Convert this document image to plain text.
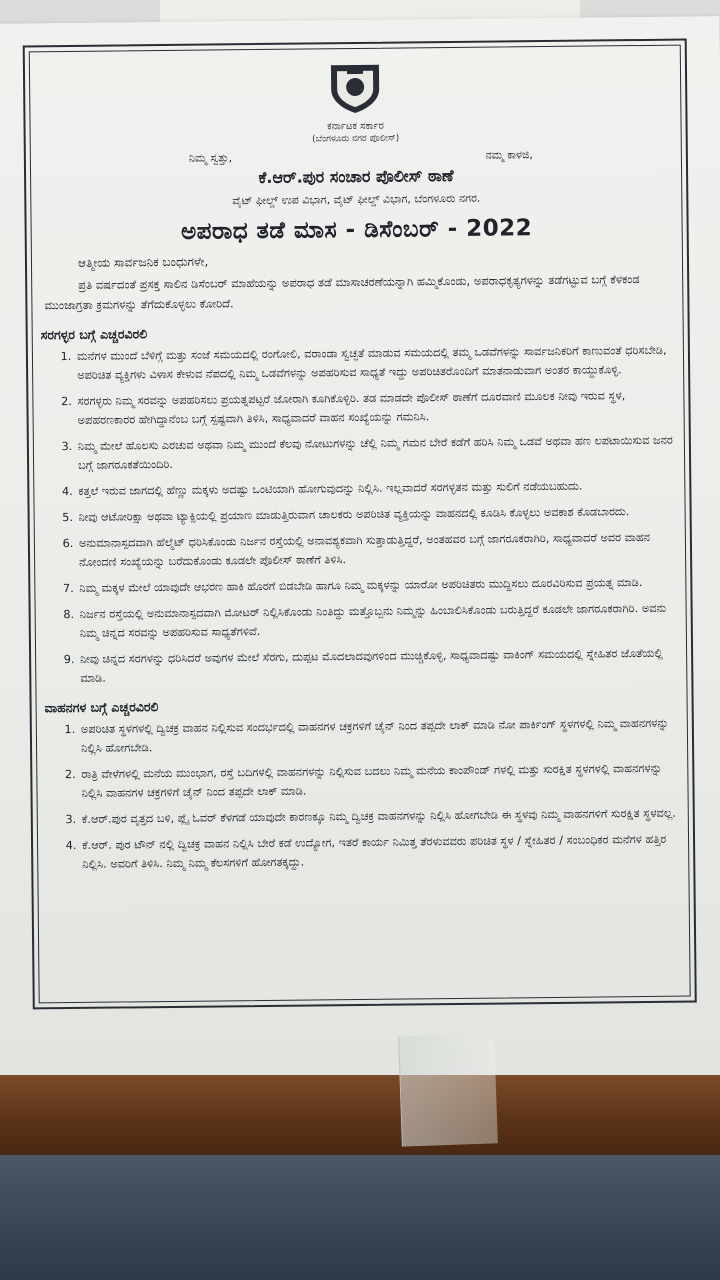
ಕರ್ನಾಟಕ ಸರ್ಕಾರ
(ಬೆಂಗಳೂರು ನಗರ ಪೊಲೀಸ್)
ನಿಮ್ಮ ಸ್ವತ್ತು,	ನಮ್ಮ ಕಾಳಜಿ,
ಕೆ.ಆರ್.ಪುರ ಸಂಚಾರ ಪೊಲೀಸ್ ಠಾಣೆ
ವೈಟ್ ಫೀಲ್ಡ್ ಉಪ ವಿಭಾಗ, ವೈಟ್ ಫೀಲ್ಡ್ ವಿಭಾಗ, ಬೆಂಗಳೂರು ನಗರ.
ಅಪರಾಧ ತಡೆ ಮಾಸ - ಡಿಸೆಂಬರ್ - 2022
ಆತ್ಮೀಯ ಸಾರ್ವಜನಿಕ ಬಂಧುಗಳೇ,
ಪ್ರತಿ ವರ್ಷದಂತೆ ಪ್ರಸಕ್ತ ಸಾಲಿನ ಡಿಸೆಂಬರ್ ಮಾಹೆಯನ್ನು ಅಪರಾಧ ತಡೆ ಮಾಸಾಚರಣೆಯನ್ನಾಗಿ ಹಮ್ಮಿಕೊಂಡು, ಅಪರಾಧಕೃತ್ಯಗಳನ್ನು ತಡೆಗಟ್ಟುವ ಬಗ್ಗೆ ಕೆಳಕಂಡ ಮುಂಜಾಗ್ರತಾ ಕ್ರಮಗಳನ್ನು ತೆಗೆದುಕೊಳ್ಳಲು ಕೋರಿದೆ.
ಸರಗಳ್ಳರ ಬಗ್ಗೆ ಎಚ್ಚರವಿರಲಿ
1. ಮನೆಗಳ ಮುಂದೆ ಬೆಳಿಗ್ಗೆ ಮತ್ತು ಸಂಜೆ ಸಮಯದಲ್ಲಿ ರಂಗೋಲಿ, ವರಾಂಡಾ ಸ್ವಚ್ಛತೆ ಮಾಡುವ ಸಮಯದಲ್ಲಿ ತಮ್ಮ ಒಡವೆಗಳನ್ನು ಸಾರ್ವಜನಿಕರಿಗೆ ಕಾಣುವಂತೆ ಧರಿಸಬೇಡಿ, ಅಪರಿಚಿತ ವ್ಯಕ್ತಿಗಳು ವಿಳಾಸ ಕೇಳುವ ನೆಪದಲ್ಲಿ ನಿಮ್ಮ ಒಡವೆಗಳನ್ನು ಅಪಹರಿಸುವ ಸಾಧ್ಯತೆ ಇದ್ದು ಅಪರಿಚಿತರೊಂದಿಗೆ ಮಾತನಾಡುವಾಗ ಅಂತರ ಕಾಯ್ದುಕೊಳ್ಳಿ.
2. ಸರಗಳ್ಳರು ನಿಮ್ಮ ಸರವನ್ನು ಅಪಹರಿಸಲು ಪ್ರಯತ್ನಪಟ್ಟರೆ ಜೋರಾಗಿ ಕೂಗಿಕೊಳ್ಳಿರಿ. ತಡ ಮಾಡದೇ ಪೊಲೀಸ್ ಠಾಣೆಗೆ ದೂರವಾಣಿ ಮೂಲಕ ನೀವು ಇರುವ ಸ್ಥಳ, ಅಪಹರಣಕಾರರ ಹೇಗಿದ್ದಾನೆಂಬ ಬಗ್ಗೆ ಸ್ಪಷ್ಟವಾಗಿ ತಿಳಿಸಿ, ಸಾಧ್ಯವಾದರೆ ವಾಹನ ಸಂಖ್ಯೆಯನ್ನು ಗಮನಿಸಿ.
3. ನಿಮ್ಮ ಮೇಲೆ ಹೊಲಸು ಎರಚುವ ಅಥವಾ ನಿಮ್ಮ ಮುಂದೆ ಕೆಲವು ನೋಟುಗಳನ್ನು ಚೆಲ್ಲಿ ನಿಮ್ಮ ಗಮನ ಬೇರೆ ಕಡೆಗೆ ಹರಿಸಿ ನಿಮ್ಮ ಒಡವೆ ಅಥವಾ ಹಣ ಲಪಟಾಯಿಸುವ ಜನರ ಬಗ್ಗೆ ಜಾಗರೂಕತೆಯಿಂದಿರಿ.
4. ಕತ್ತಲೆ ಇರುವ ಜಾಗದಲ್ಲಿ ಹೆಣ್ಣು ಮಕ್ಕಳು ಅದಷ್ಟು ಒಂಟಿಯಾಗಿ ಹೋಗುವುದನ್ನು ನಿಲ್ಲಿಸಿ. ಇಲ್ಲವಾದರೆ ಸರಗಳ್ಳತನ ಮತ್ತು ಸುಲಿಗೆ ನಡೆಯಬಹುದು.
5. ನೀವು ಆಟೋರಿಕ್ಷಾ ಅಥವಾ ಟ್ಯಾಕ್ಸಿಯಲ್ಲಿ ಪ್ರಯಾಣ ಮಾಡುತ್ತಿರುವಾಗ ಚಾಲಕರು ಅಪರಿಚಿತ ವ್ಯಕ್ತಿಯನ್ನು ವಾಹನದಲ್ಲಿ ಕೂಡಿಸಿ ಕೊಳ್ಳಲು ಅವಕಾಶ ಕೊಡಬಾರದು.
6. ಅನುಮಾನಾಸ್ಪದವಾಗಿ ಹೆಲ್ಮೆಟ್ ಧರಿಸಿಕೊಂಡು ನಿರ್ಜನ ರಸ್ತೆಯಲ್ಲಿ ಅನಾವಶ್ಯಕವಾಗಿ ಸುತ್ತಾಡುತ್ತಿದ್ದರೆ, ಅಂತಹವರ ಬಗ್ಗೆ ಜಾಗರೂಕರಾಗಿರಿ, ಸಾಧ್ಯವಾದರೆ ಅವರ ವಾಹನ ನೋಂದಣಿ ಸಂಖ್ಯೆಯನ್ನು ಬರೆದುಕೊಂಡು ಕೂಡಲೇ ಪೊಲೀಸ್ ಠಾಣೆಗೆ ತಿಳಿಸಿ.
7. ನಿಮ್ಮ ಮಕ್ಕಳ ಮೇಲೆ ಯಾವುದೇ ಆಭರಣ ಹಾಕಿ ಹೊರಗೆ ಬಿಡಬೇಡಿ ಹಾಗೂ ನಿಮ್ಮ ಮಕ್ಕಳನ್ನು ಯಾರೋ ಅಪರಿಚಿತರು ಮುದ್ದಿಸಲು ದೂರವಿರಿಸುವ ಪ್ರಯತ್ನ ಮಾಡಿ.
8. ನಿರ್ಜನ ರಸ್ತೆಯಲ್ಲಿ ಅನುಮಾನಾಸ್ಪದವಾಗಿ ಮೋಟರ್ ನಿಲ್ಲಿಸಿಕೊಂಡು ನಿಂತಿದ್ದು ಮತ್ತೊಬ್ಬನು ನಿಮ್ಮನ್ನು ಹಿಂಬಾಲಿಸಿಕೊಂಡು ಬರುತ್ತಿದ್ದರೆ ಕೂಡಲೇ ಜಾಗರೂಕರಾಗಿರಿ. ಅವನು ನಿಮ್ಮ ಚಿನ್ನದ ಸರವನ್ನು ಅಪಹರಿಸುವ ಸಾಧ್ಯತೆಗಳಿವೆ.
9. ನೀವು ಚಿನ್ನದ ಸರಗಳನ್ನು ಧರಿಸಿದರೆ ಅವುಗಳ ಮೇಲೆ ಸೆರಗು, ದುಪ್ಪಟ ಮೊದಲಾದವುಗಳಿಂದ ಮುಚ್ಚಿಕೊಳ್ಳಿ, ಸಾಧ್ಯವಾದಷ್ಟು ವಾಕಿಂಗ್ ಸಮಯದಲ್ಲಿ ಸ್ನೇಹಿತರ ಜೊತೆಯಲ್ಲಿ ಮಾಡಿ.
ವಾಹನಗಳ ಬಗ್ಗೆ ಎಚ್ಚರವಿರಲಿ
1. ಅಪರಿಚಿತ ಸ್ಥಳಗಳಲ್ಲಿ ದ್ವಿಚಕ್ರ ವಾಹನ ನಿಲ್ಲಿಸುವ ಸಂದರ್ಭದಲ್ಲಿ ವಾಹನಗಳ ಚಕ್ರಗಳಿಗೆ ಚೈನ್ ನಿಂದ ತಪ್ಪದೇ ಲಾಕ್ ಮಾಡಿ ನೋ ಪಾರ್ಕಿಂಗ್ ಸ್ಥಳಗಳಲ್ಲಿ ನಿಮ್ಮ ವಾಹನಗಳನ್ನು ನಿಲ್ಲಿಸಿ ಹೋಗಬೇಡಿ.
2. ರಾತ್ರಿ ವೇಳೆಗಳಲ್ಲಿ ಮನೆಯ ಮುಂಭಾಗ, ರಸ್ತೆ ಬದಿಗಳಲ್ಲಿ ವಾಹನಗಳನ್ನು ನಿಲ್ಲಿಸುವ ಬದಲು ನಿಮ್ಮ ಮನೆಯ ಕಾಂಪೌಂಡ್ ಗಳಲ್ಲಿ ಮತ್ತು ಸುರಕ್ಷಿತ ಸ್ಥಳಗಳಲ್ಲಿ ವಾಹನಗಳನ್ನು ನಿಲ್ಲಿಸಿ ವಾಹನಗಳ ಚಕ್ರಗಳಿಗೆ ಚೈನ್ ನಿಂದ ತಪ್ಪದೇ ಲಾಕ್ ಮಾಡಿ.
3. ಕೆ.ಆರ್.ಪುರ ವೃತ್ತದ ಬಳಿ, ಪ್ಲೈ ಓವರ್ ಕೆಳಗಡೆ ಯಾವುದೇ ಕಾರಣಕ್ಕೂ ನಿಮ್ಮ ದ್ವಿಚಕ್ರ ವಾಹನಗಳನ್ನು ನಿಲ್ಲಿಸಿ ಹೋಗಬೇಡಿ ಈ ಸ್ಥಳವು ನಿಮ್ಮ ವಾಹನಗಳಿಗೆ ಸುರಕ್ಷಿತ ಸ್ಥಳವಲ್ಲ.
4. ಕೆ.ಆರ್. ಪುರ ಟೌನ್ ನಲ್ಲಿ ದ್ವಿಚಕ್ರ ವಾಹನ ನಿಲ್ಲಿಸಿ ಬೇರೆ ಕಡೆ ಉದ್ಯೋಗ, ಇತರೆ ಕಾರ್ಯ ನಿಮಿತ್ತ ತೆರಳುವವರು ಪರಿಚಿತ ಸ್ಥಳ / ಸ್ನೇಹಿತರ / ಸಂಬಂಧಿಕರ ಮನೆಗಳ ಹತ್ತಿರ ನಿಲ್ಲಿಸಿ. ಅವರಿಗೆ ತಿಳಿಸಿ. ನಿಮ್ಮ ನಿಮ್ಮ ಕೆಲಸಗಳಿಗೆ ಹೋಗತಕ್ಕದ್ದು.
